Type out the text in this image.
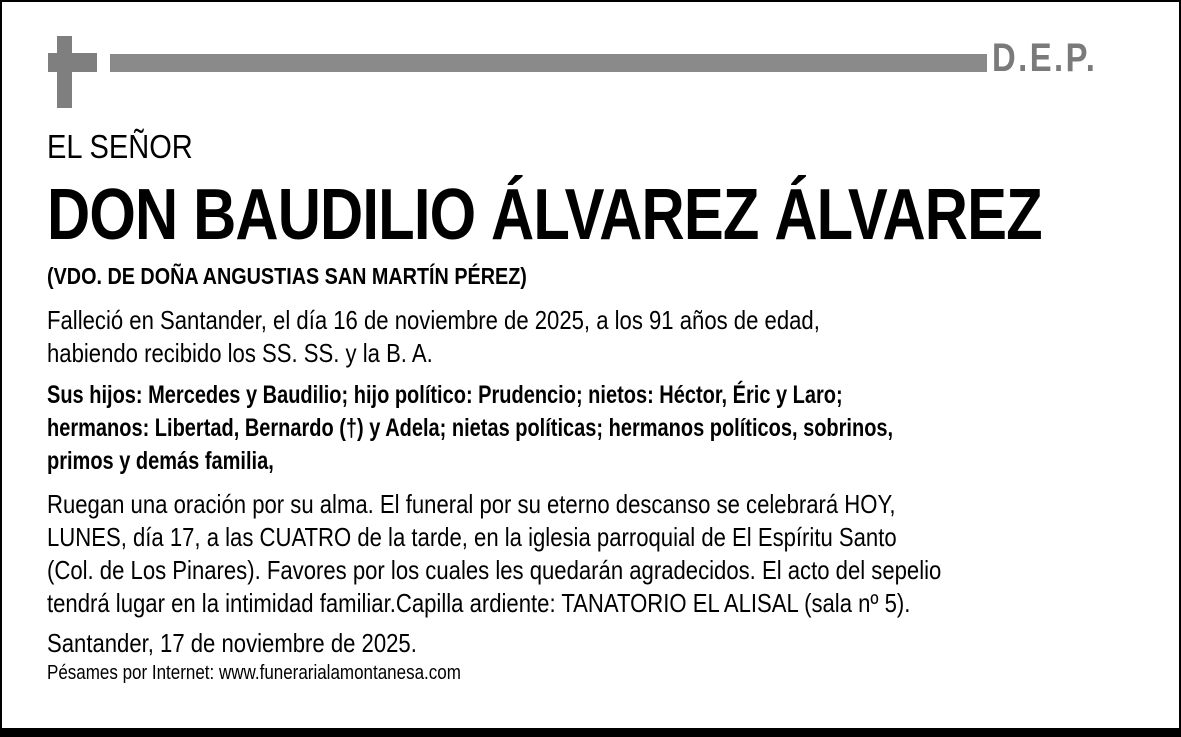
D.E.P.
EL SEÑOR
DON BAUDILIO ÁLVAREZ ÁLVAREZ
(VDO. DE DOÑA ANGUSTIAS SAN MARTÍN PÉREZ)
Falleció en Santander, el día 16 de noviembre de 2025, a los 91 años de edad,
habiendo recibido los SS. SS. y la B. A.
Sus hijos: Mercedes y Baudilio; hijo político: Prudencio; nietos: Héctor, Éric y Laro;
hermanos: Libertad, Bernardo (†) y Adela; nietas políticas; hermanos políticos, sobrinos,
primos y demás familia,
Ruegan una oración por su alma. El funeral por su eterno descanso se celebrará HOY,
LUNES, día 17, a las CUATRO de la tarde, en la iglesia parroquial de El Espíritu Santo
(Col. de Los Pinares). Favores por los cuales les quedarán agradecidos. El acto del sepelio
tendrá lugar en la intimidad familiar.Capilla ardiente: TANATORIO EL ALISAL (sala nº 5).
Santander, 17 de noviembre de 2025.
Pésames por Internet: www.funerarialamontanesa.com
